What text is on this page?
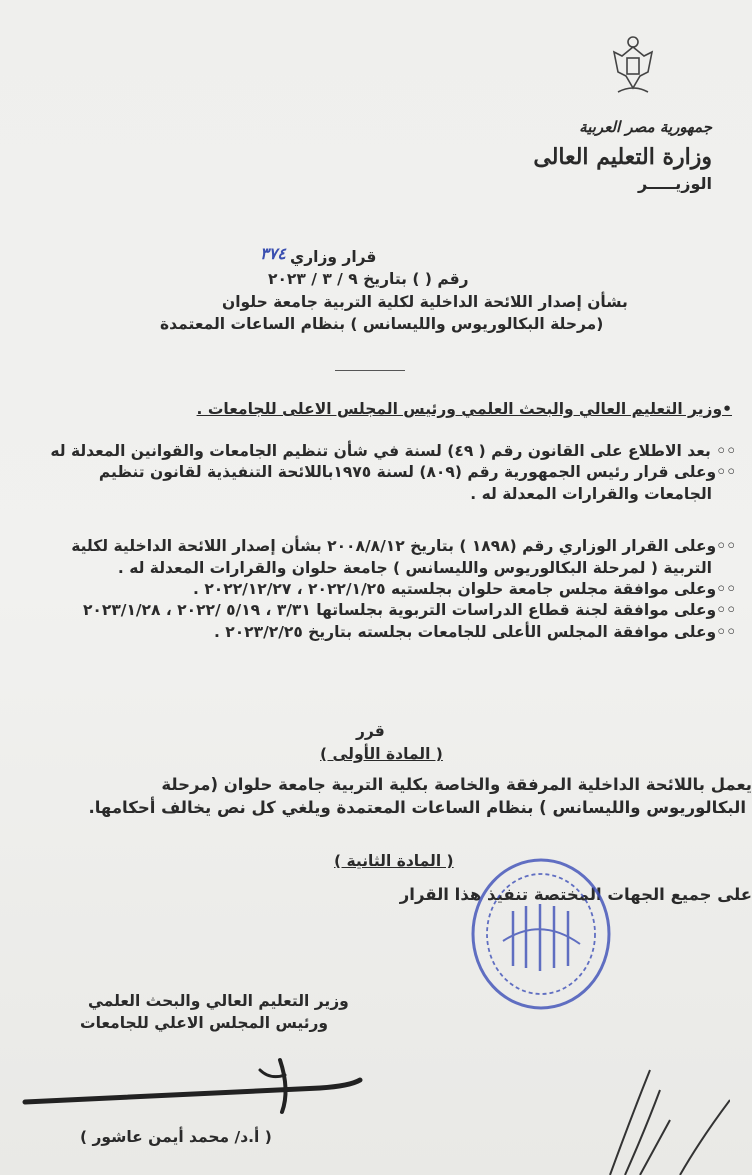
جمهورية مصر العربية
وزارة التعليم العالى
الوزيـــــر
قرار وزاري
٣٧٤
رقم ( ) بتاريخ ٩ / ٣ / ٢٠٢٣
بشأن إصدار اللائحة الداخلية لكلية التربية جامعة حلوان
(مرحلة البكالوريوس والليسانس ) بنظام الساعات المعتمدة
•وزير التعليم العالي والبحث العلمي ورئيس المجلس الاعلى للجامعات .
◦◦ بعد الاطلاع على القانون رقم ( ٤٩) لسنة في شأن تنظيم الجامعات والقوانين المعدلة له
◦◦وعلى قرار رئيس الجمهورية رقم (٨٠٩) لسنة ١٩٧٥باللائحة التنفيذية لقانون تنظيم
الجامعات والقرارات المعدلة له .
◦◦وعلى القرار الوزاري رقم (١٨٩٨ ) بتاريخ ٢٠٠٨/٨/١٢ بشأن إصدار اللائحة الداخلية لكلية
التربية ( لمرحلة البكالوريوس والليسانس ) جامعة حلوان والقرارات المعدلة له .
◦◦وعلى موافقة مجلس جامعة حلوان بجلستيه ٢٠٢٢/١/٢٥ ، ٢٠٢٢/١٢/٢٧ .
◦◦وعلى موافقة لجنة قطاع الدراسات التربوية بجلساتها ٣/٣١ ، ٥/١٩ /٢٠٢٢ ، ٢٠٢٣/١/٢٨
◦◦وعلى موافقة المجلس الأعلى للجامعات بجلسته بتاريخ ٢٠٢٣/٢/٢٥ .
قرر
( المادة الأولى )
يعمل باللائحة الداخلية المرفقة والخاصة بكلية التربية جامعة حلوان (مرحلة
البكالوريوس والليسانس ) بنظام الساعات المعتمدة ويلغي كل نص يخالف أحكامها.
( المادة الثانية )
على جميع الجهات المختصة تنفيذ هذا القرار
وزير التعليم العالي والبحث العلمي
ورئيس المجلس الاعلي للجامعات
( أ.د/ محمد أيمن عاشور )
